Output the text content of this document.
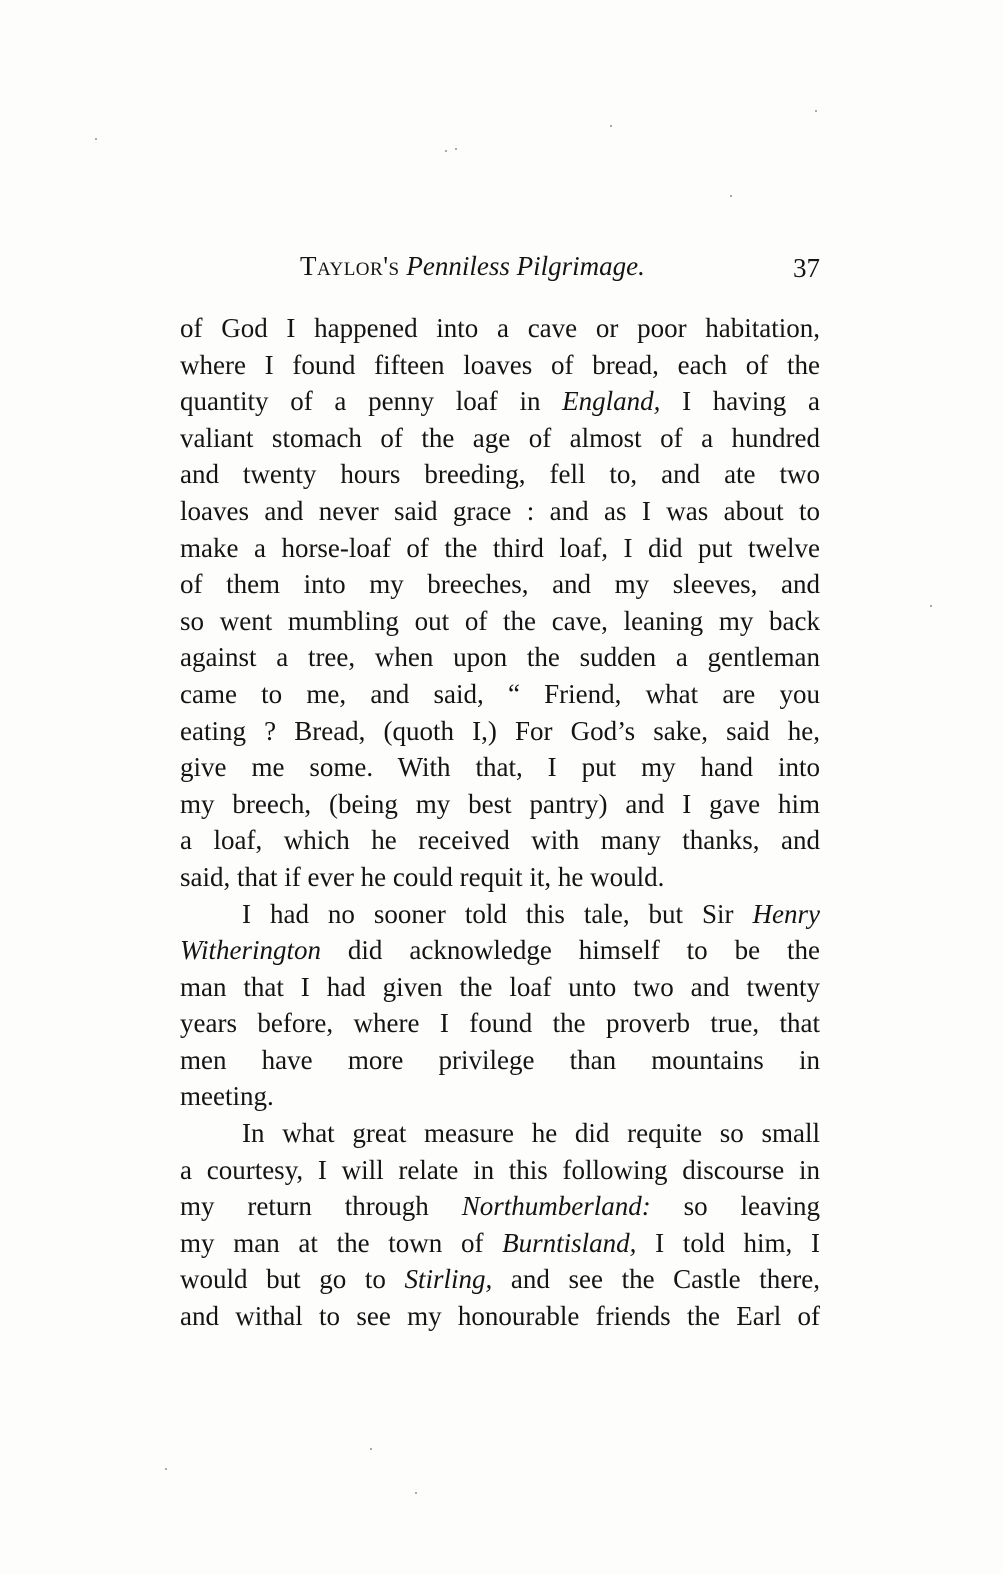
Taylor's Penniless Pilgrimage.	37
of God I happened into a cave or poor habitation,
where I found fifteen loaves of bread, each of the
quantity of a penny loaf in England, I having a
valiant stomach of the age of almost of a hundred
and twenty hours breeding, fell to, and ate two
loaves and never said grace : and as I was about to
make a horse-loaf of the third loaf, I did put twelve
of them into my breeches, and my sleeves, and
so went mumbling out of the cave, leaning my back
against a tree, when upon the sudden a gentleman
came to me, and said, “ Friend, what are you
eating ? Bread, (quoth I,) For God’s sake, said he,
give me some. With that, I put my hand into
my breech, (being my best pantry) and I gave him
a loaf, which he received with many thanks, and
said, that if ever he could requit it, he would.
I had no sooner told this tale, but Sir Henry
Witherington did acknowledge himself to be the
man that I had given the loaf unto two and twenty
years before, where I found the proverb true, that
men have more privilege than mountains in
meeting.
In what great measure he did requite so small
a courtesy, I will relate in this following discourse in
my return through Northumberland: so leaving
my man at the town of Burntisland, I told him, I
would but go to Stirling, and see the Castle there,
and withal to see my honourable friends the Earl of
